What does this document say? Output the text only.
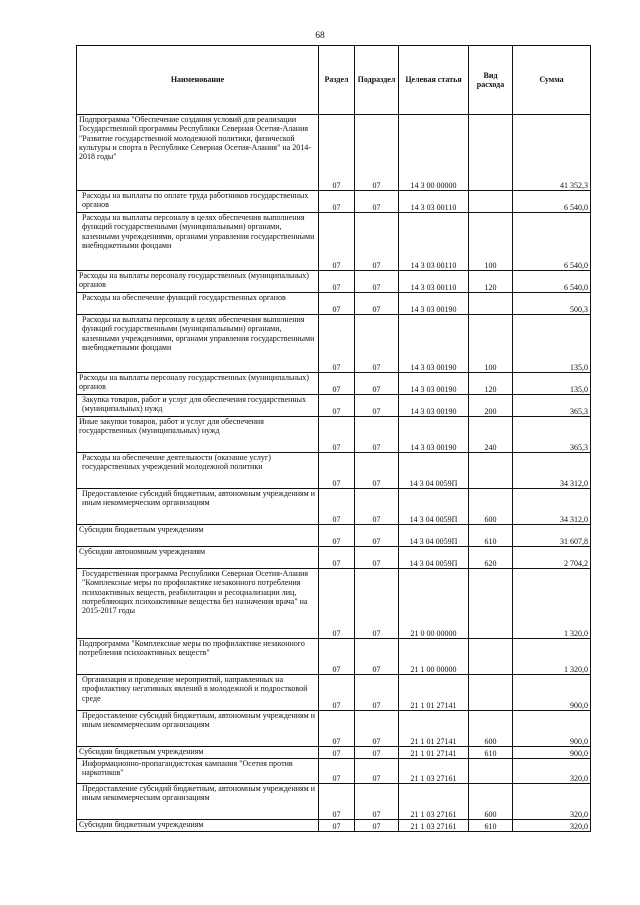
68
Наименование	Раздел	Подраздел	Целевая статья	Вид расхода	Сумма
Подпрограмма "Обеспечение создания условий для реализации Государственной программы Республики Северная Осетия-Алания "Развитие государственной молодежной политики, физической культуры и спорта в Республике Северная Осетия-Алания" на 2014-2018 годы"	07	07	14 3 00 00000		41 352,3
Расходы на выплаты по оплате труда работников государственных органов	07	07	14 3 03 00110		6 540,0
Расходы на выплаты персоналу в целях обеспечения выполнения функций государственными (муниципальными) органами, казенными учреждениями, органами управления государственными внебюджетными фондами	07	07	14 3 03 00110	100	6 540,0
Расходы на выплаты персоналу государственных (муниципальных) органов	07	07	14 3 03 00110	120	6 540,0
Расходы на обеспечение функций государственных органов	07	07	14 3 03 00190		500,3
Расходы на выплаты персоналу в целях обеспечения выполнения функций государственными (муниципальными) органами, казенными учреждениями, органами управления государственными внебюджетными фондами	07	07	14 3 03 00190	100	135,0
Расходы на выплаты персоналу государственных (муниципальных) органов	07	07	14 3 03 00190	120	135,0
Закупка товаров, работ и услуг для обеспечения государственных (муниципальных) нужд	07	07	14 3 03 00190	200	365,3
Иные закупки товаров, работ и услуг для обеспечения государственных (муниципальных) нужд	07	07	14 3 03 00190	240	365,3
Расходы на обеспечение деятельности (оказание услуг) государственных учреждений молодежной политики	07	07	14 3 04 0059П		34 312,0
Предоставление субсидий бюджетным, автономным учреждениям и иным некоммерческим организациям	07	07	14 3 04 0059П	600	34 312,0
Субсидии бюджетным учреждениям	07	07	14 3 04 0059П	610	31 607,8
Субсидии автономным учреждениям	07	07	14 3 04 0059П	620	2 704,2
Государственная программа Республики Северная Осетия-Алания "Комплексные меры по профилактике незаконного потребления психоактивных веществ, реабилитации и ресоциализации лиц, потребляющих психоактивные вещества без назначения врача" на 2015-2017 годы	07	07	21 0 00 00000		1 320,0
Подпрограмма "Комплексные меры по профилактике незаконного потребления психоактивных веществ"	07	07	21 1 00 00000		1 320,0
Организация и проведение мероприятий, направленных на профилактику негативных явлений в молодежной и подростковой среде	07	07	21 1 01 27141		900,0
Предоставление субсидий бюджетным, автономным учреждениям и иным некоммерческим организациям	07	07	21 1 01 27141	600	900,0
Субсидии бюджетным учреждениям	07	07	21 1 01 27141	610	900,0
Информационно-пропагандистская кампания "Осетия против наркотиков"	07	07	21 1 03 27161		320,0
Предоставление субсидий бюджетным, автономным учреждениям и иным некоммерческим организациям	07	07	21 1 03 27161	600	320,0
Субсидии бюджетным учреждениям	07	07	21 1 03 27161	610	320,0
